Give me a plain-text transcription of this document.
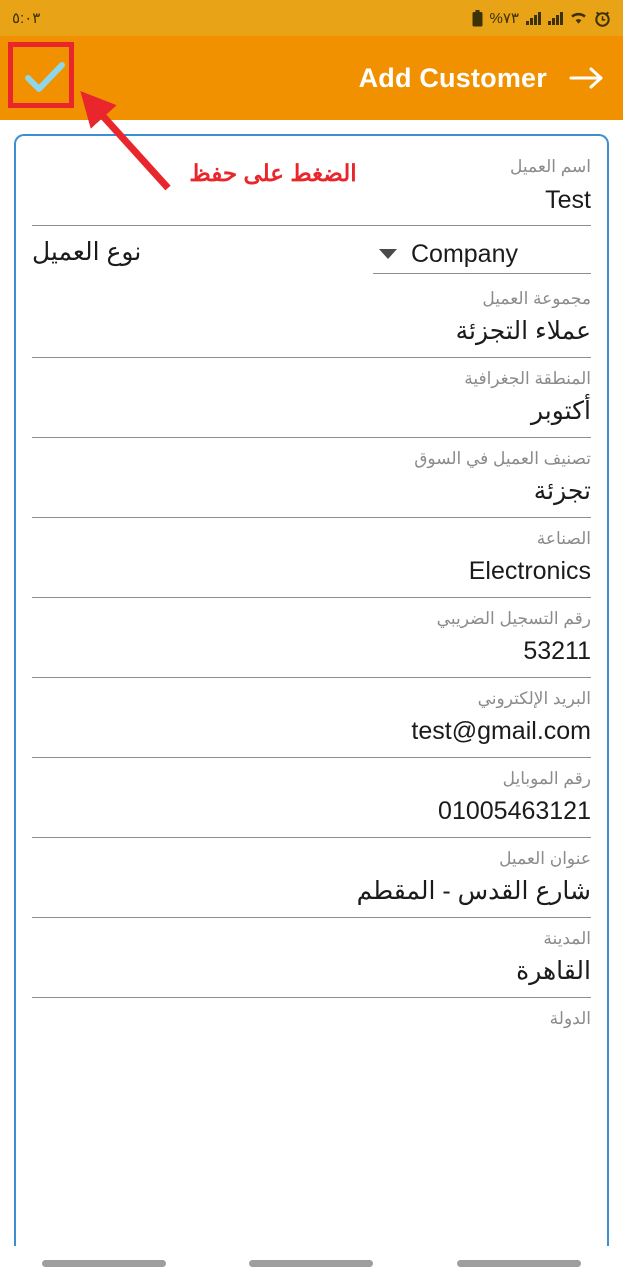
%٧٣
٥:٠٣
Add Customer
الضغط على حفظ	اسم العميل
Test
Company
نوع العميل
مجموعة العميل
عملاء التجزئة
المنطقة الجغرافية
أكتوبر
تصنيف العميل في السوق
تجزئة
الصناعة
Electronics
رقم التسجيل الضريبي
53211
البريد الإلكتروني
test@gmail.com
رقم الموبايل
01005463121
عنوان العميل
شارع القدس - المقطم
المدينة
القاهرة
الدولة
